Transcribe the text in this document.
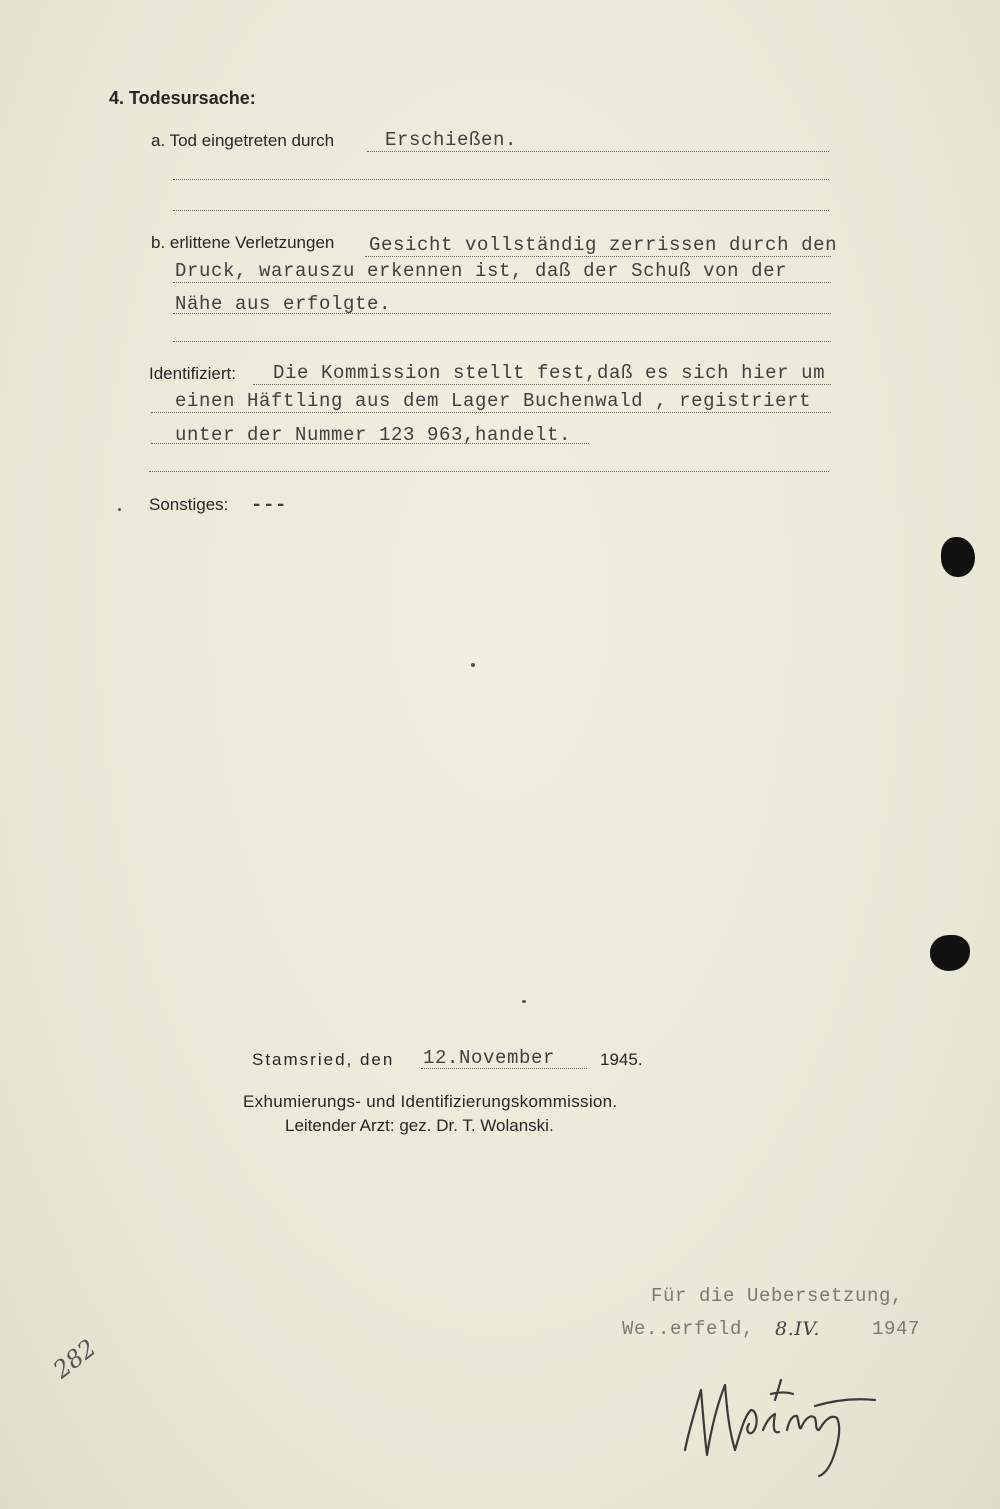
4. Todesursache:
a. Tod eingetreten durch	Erschießen.
b. erlittene Verletzungen Gesicht vollständig zerrissen durch den
Druck, warauszu erkennen ist, daß der Schuß von der
Nähe aus erfolgte.
Identifiziert: Die Kommission stellt fest,daß es sich hier um
einen Häftling aus dem Lager Buchenwald , registriert
unter der Nummer 123 963,handelt.
Sonstiges: ---
Stamsried, den 12.November	1945.
Exhumierungs- und Identifizierungskommission.
Leitender Arzt: gez. Dr. T. Wolanski.
Für die Uebersetzung,
We..erfeld, 8.IV.	1947
282
